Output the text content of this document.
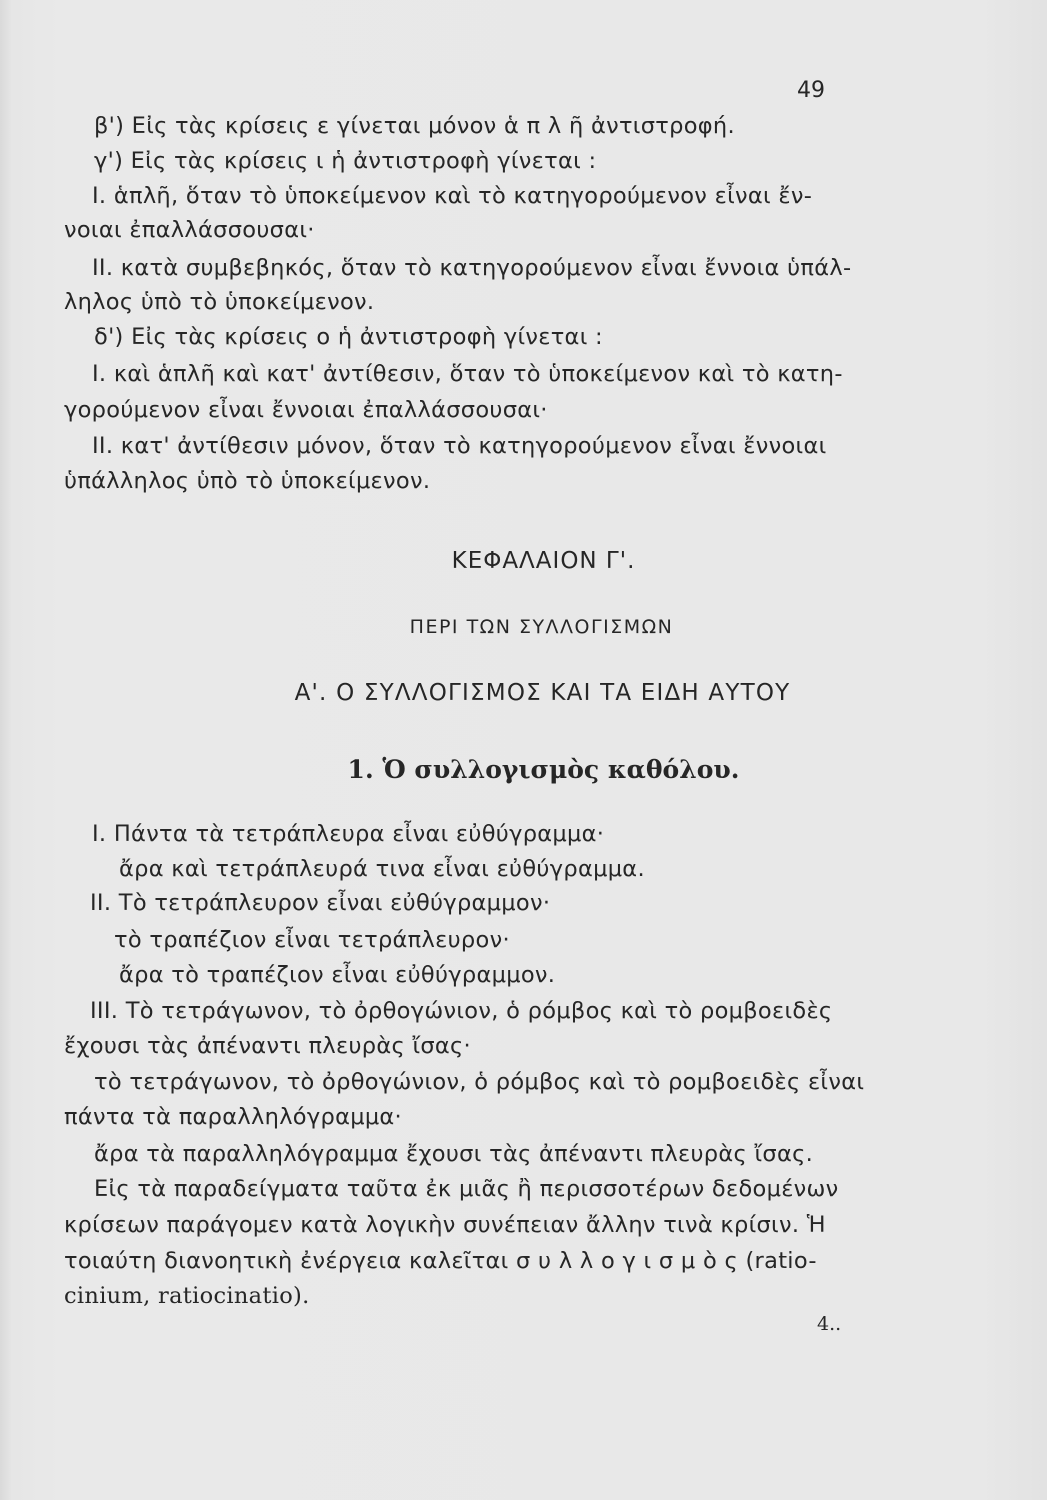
49
β') Εἰς τὰς κρίσεις ε γίνεται μόνον ἁ π λ ῆ ἀντιστροφή.
γ') Εἰς τὰς κρίσεις ι ἡ ἀντιστροφὴ γίνεται :
I. ἁπλῆ, ὅταν τὸ ὑποκείμενον καὶ τὸ κατηγορούμενον εἶναι ἔν-
νοιαι ἐπαλλάσσουσαι·
II. κατὰ συμβεβηκός, ὅταν τὸ κατηγορούμενον εἶναι ἔννοια ὑπάλ-
ληλος ὑπὸ τὸ ὑποκείμενον.
δ') Εἰς τὰς κρίσεις ο ἡ ἀντιστροφὴ γίνεται :
I. καὶ ἁπλῆ καὶ κατ' ἀντίθεσιν, ὅταν τὸ ὑποκείμενον καὶ τὸ κατη-
γορούμενον εἶναι ἔννοιαι ἐπαλλάσσουσαι·
II. κατ' ἀντίθεσιν μόνον, ὅταν τὸ κατηγορούμενον εἶναι ἔννοιαι
ὑπάλληλος ὑπὸ τὸ ὑποκείμενον.
ΚΕΦΑΛΑΙΟΝ Γ'.
ΠΕΡΙ ΤΩΝ ΣΥΛΛΟΓΙΣΜΩΝ
Α'. Ο ΣΥΛΛΟΓΙΣΜΟΣ ΚΑΙ ΤΑ ΕΙΔΗ ΑΥΤΟΥ
1. Ὁ συλλογισμὸς καθόλου.
I. Πάντα τὰ τετράπλευρα εἶναι εὐθύγραμμα·
ἄρα καὶ τετράπλευρά τινα εἶναι εὐθύγραμμα.
II. Τὸ τετράπλευρον εἶναι εὐθύγραμμον·
τὸ τραπέζιον εἶναι τετράπλευρον·
ἄρα τὸ τραπέζιον εἶναι εὐθύγραμμον.
III. Τὸ τετράγωνον, τὸ ὀρθογώνιον, ὁ ρόμβος καὶ τὸ ρομβοειδὲς
ἔχουσι τὰς ἀπέναντι πλευρὰς ἴσας·
τὸ τετράγωνον, τὸ ὀρθογώνιον, ὁ ρόμβος καὶ τὸ ρομβοειδὲς εἶναι
πάντα τὰ παραλληλόγραμμα·
ἄρα τὰ παραλληλόγραμμα ἔχουσι τὰς ἀπέναντι πλευρὰς ἴσας.
Εἰς τὰ παραδείγματα ταῦτα ἐκ μιᾶς ἢ περισσοτέρων δεδομένων
κρίσεων παράγομεν κατὰ λογικὴν συνέπειαν ἄλλην τινὰ κρίσιν. Ἡ
τοιαύτη διανοητικὴ ἐνέργεια καλεῖται σ υ λ λ ο γ ι σ μ ὸ ς (ratio-
cinium, ratiocinatio).
4..
